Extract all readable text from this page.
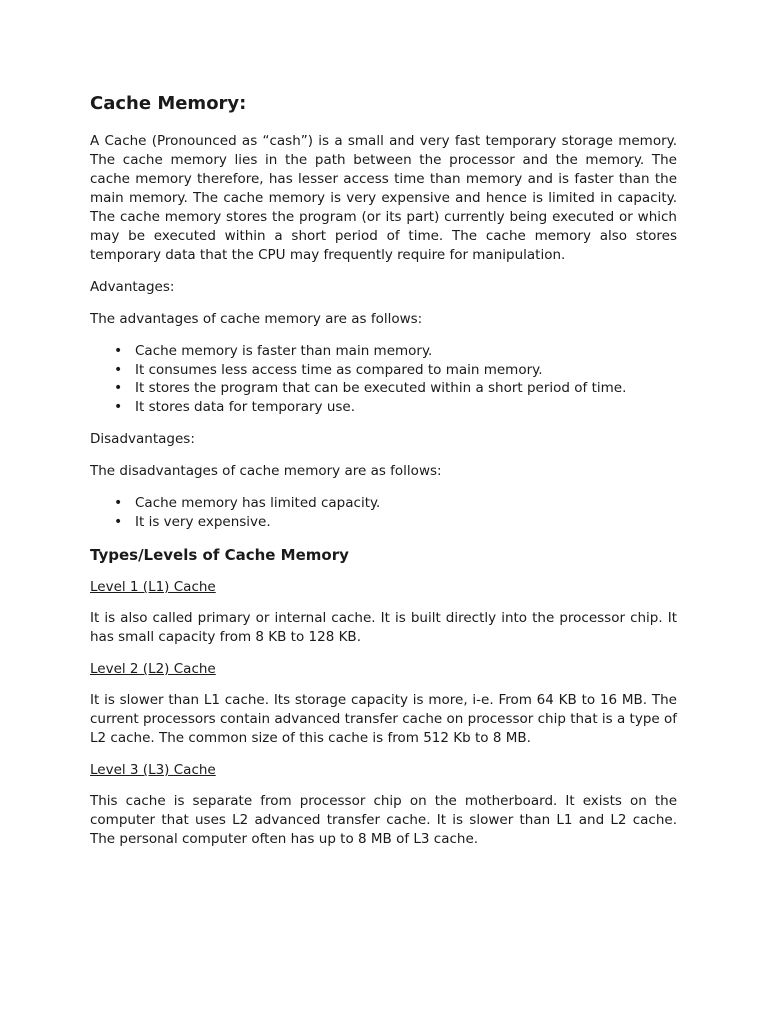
Cache Memory:

A Cache (Pronounced as “cash”) is a small and very fast temporary storage memory. The cache memory lies in the path between the processor and the memory. The cache memory therefore, has lesser access time than memory and is faster than the main memory. The cache memory is very expensive and hence is limited in capacity. The cache memory stores the program (or its part) currently being executed or which may be executed within a short period of time. The cache memory also stores temporary data that the CPU may frequently require for manipulation.

Advantages:

The advantages of cache memory are as follows:

• Cache memory is faster than main memory.
• It consumes less access time as compared to main memory.
• It stores the program that can be executed within a short period of time.
• It stores data for temporary use.

Disadvantages:

The disadvantages of cache memory are as follows:

• Cache memory has limited capacity.
• It is very expensive.
Types/Levels of Cache Memory

Level 1 (L1) Cache

It is also called primary or internal cache. It is built directly into the processor chip. It has small capacity from 8 KB to 128 KB.

Level 2 (L2) Cache

It is slower than L1 cache. Its storage capacity is more, i-e. From 64 KB to 16 MB. The current processors contain advanced transfer cache on processor chip that is a type of L2 cache. The common size of this cache is from 512 Kb to 8 MB.

Level 3 (L3) Cache

This cache is separate from processor chip on the motherboard. It exists on the computer that uses L2 advanced transfer cache. It is slower than L1 and L2 cache. The personal computer often has up to 8 MB of L3 cache.
